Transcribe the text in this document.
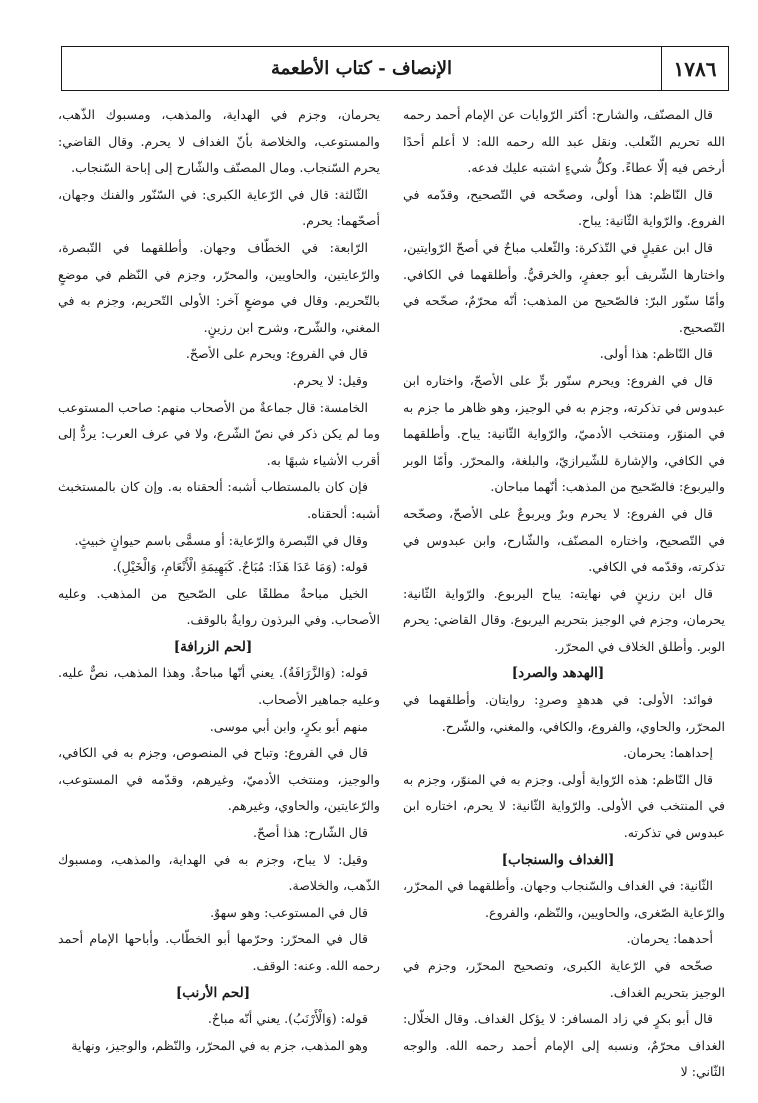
١٧٨٦
الإنصاف - كتاب الأطعمة

قال المصنّف، والشارح: أكثر الرّوايات عن الإمام أحمد رحمه الله تحريم الثّعلب. ونقل عبد الله رحمه الله: لا أعلم أحدًا أرخص فيه إلّا عطاءً. وكلُّ شيءٍ اشتبه عليك فدعه.

قال النّاظم: هذا أولى، وصحّحه في التّصحيح، وقدّمه في الفروع. والرّواية الثّانية: يباح.

قال ابن عقيلٍ في التّذكرة: والثّعلب مباحٌ في أصحّ الرّوايتين، واختارها الشّريف أبو جعفرٍ، والخرقيُّ. وأطلقهما في الكافي. وأمّا سنّور البرّ: فالصّحيح من المذهب: أنّه محرّمٌ، صحّحه في التّصحيح.

قال النّاظم: هذا أولى.

قال في الفروع: ويحرم سنّور برٍّ على الأصحّ، واختاره ابن عبدوس في تذكرته، وجزم به في الوجيز، وهو ظاهر ما جزم به في المنوّر، ومنتخب الأدميّ، والرّواية الثّانية: يباح. وأطلقهما في الكافي، والإشارة للشّيرازيّ، والبلغة، والمحرّر. وأمّا الوبر واليربوع: فالصّحيح من المذهب: أنّهما مباحان.

قال في الفروع: لا يحرم وبرٌ ويربوعٌ على الأصحّ، وصحّحه في التّصحيح، واختاره المصنّف، والشّارح، وابن عبدوس في تذكرته، وقدّمه في الكافي.

قال ابن رزينٍ في نهايته: يباح اليربوع. والرّواية الثّانية: يحرمان، وجزم في الوجيز بتحريم اليربوع. وقال القاضي: يحرم الوبر. وأطلق الخلاف في المحرّر.

[الهدهد والصرد]

فوائد: الأولى: في هدهدٍ وصردٍ: روايتان. وأطلقهما في المحرّر، والحاوي، والفروع، والكافي، والمغني، والشّرح.

إحداهما: يحرمان.

قال النّاظم: هذه الرّواية أولى. وجزم به في المنوّر، وجزم به في المنتخب في الأولى. والرّواية الثّانية: لا يحرم، اختاره ابن عبدوس في تذكرته.

[الغداف والسنجاب]

الثّانية: في الغداف والسّنجاب وجهان. وأطلقهما في المحرّر، والرّعاية الصّغرى، والحاويين، والنّظم، والفروع.

أحدهما: يحرمان.

صحّحه في الرّعاية الكبرى، وتصحيح المحرّر، وجزم في الوجيز بتحريم الغداف.

قال أبو بكرٍ في زاد المسافر: لا يؤكل الغداف. وقال الخلّال: الغداف محرّمٌ، ونسبه إلى الإمام أحمد رحمه الله. والوجه الثّاني: لا

يحرمان، وجزم في الهداية، والمذهب، ومسبوك الذّهب، والمستوعب، والخلاصة بأنّ الغداف لا يحرم. وقال القاضي: يحرم السّنجاب. ومال المصنّف والشّارح إلى إباحة السّنجاب.

الثّالثة: قال في الرّعاية الكبرى: في السّنّور والفنك وجهان، أصحّهما: يحرم.

الرّابعة: في الخطّاف وجهان. وأطلقهما في التّبصرة، والرّعايتين، والحاويين، والمحرّر، وجزم في النّظم في موضعٍ بالتّحريم. وقال في موضعٍ آخر: الأولى التّحريم، وجزم به في المغني، والشّرح، وشرح ابن رزينٍ.

قال في الفروع: ويحرم على الأصحّ.

وقيل: لا يحرم.

الخامسة: قال جماعةٌ من الأصحاب منهم: صاحب المستوعب وما لم يكن ذكر في نصّ الشّرع، ولا في عرف العرب: يردُّ إلى أقرب الأشياء شبهًا به.

فإن كان بالمستطاب أشبه: ألحقناه به. وإن كان بالمستخبث أشبه: ألحقناه.

وقال في التّبصرة والرّعاية: أو مسمًّى باسم حيوانٍ خبيثٍ.

قوله: (وَمَا عَدَا هَذَا: مُبَاحٌ. كَبَهِيمَةِ الْأَنْعَامِ، وَالْخَيْلِ).

الخيل مباحةٌ مطلقًا على الصّحيح من المذهب. وعليه الأصحاب. وفي البرذون روايةٌ بالوقف.

[لحم الزرافة]

قوله: (وَالزَّرَافَةُ). يعني أنّها مباحةٌ. وهذا المذهب، نصٌّ عليه. وعليه جماهير الأصحاب.

منهم أبو بكرٍ، وابن أبي موسى.

قال في الفروع: وتباح في المنصوص، وجزم به في الكافي، والوجيز، ومنتخب الأدميّ، وغيرهم، وقدّمه في المستوعب، والرّعايتين، والحاوي، وغيرهم.

قال الشّارح: هذا أصحّ.

وقيل: لا يباح، وجزم به في الهداية، والمذهب، ومسبوك الذّهب، والخلاصة.

قال في المستوعب: وهو سهوٌ.

قال في المحرّر: وحرّمها أبو الخطّاب. وأباحها الإمام أحمد رحمه الله. وعنه: الوقف.

[لحم الأرنب]

قوله: (وَالْأَرْنَبُ). يعني أنّه مباحٌ.

وهو المذهب، جزم به في المحرّر، والنّظم، والوجيز، ونهاية
